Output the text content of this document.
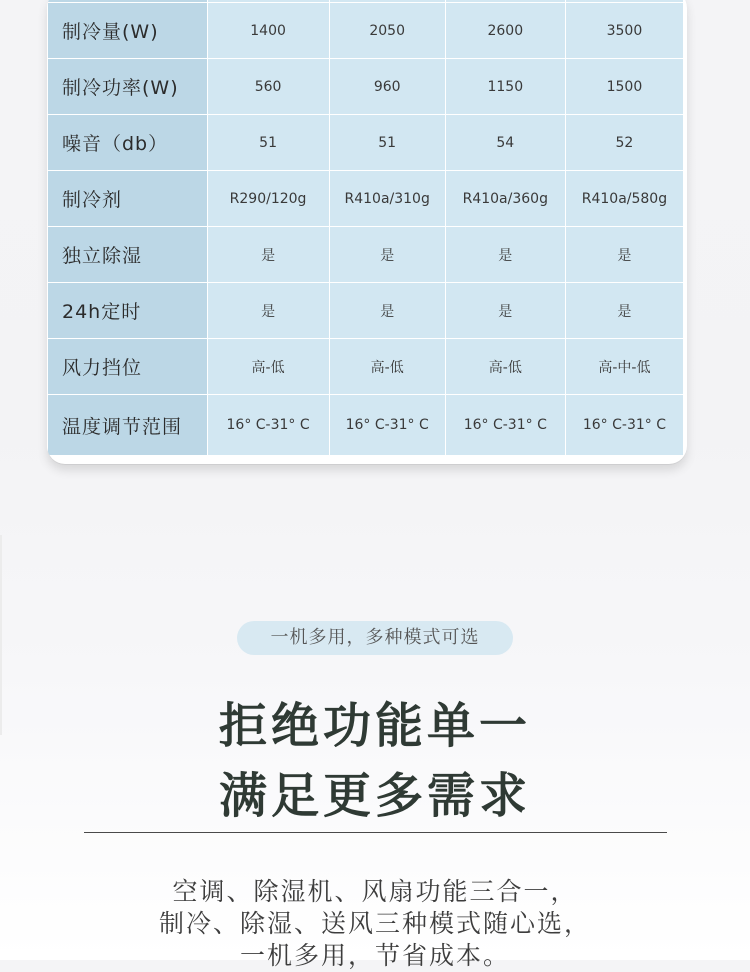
制冷量(W)	1400	2050	2600	3500
制冷功率(W)	560	960	1150	1500
噪音（db）	51	51	54	52
制冷剂	R290/120g	R410a/310g	R410a/360g	R410a/580g
独立除湿	是	是	是	是
24h定时	是	是	是	是
风力挡位	高-低	高-低	高-低	高-中-低
温度调节范围	16° C-31° C	16° C-31° C	16° C-31° C	16° C-31° C
一机多用，多种模式可选
拒绝功能单一
满足更多需求
空调、除湿机、风扇功能三合一，
制冷、除湿、送风三种模式随心选，
一机多用，节省成本。
